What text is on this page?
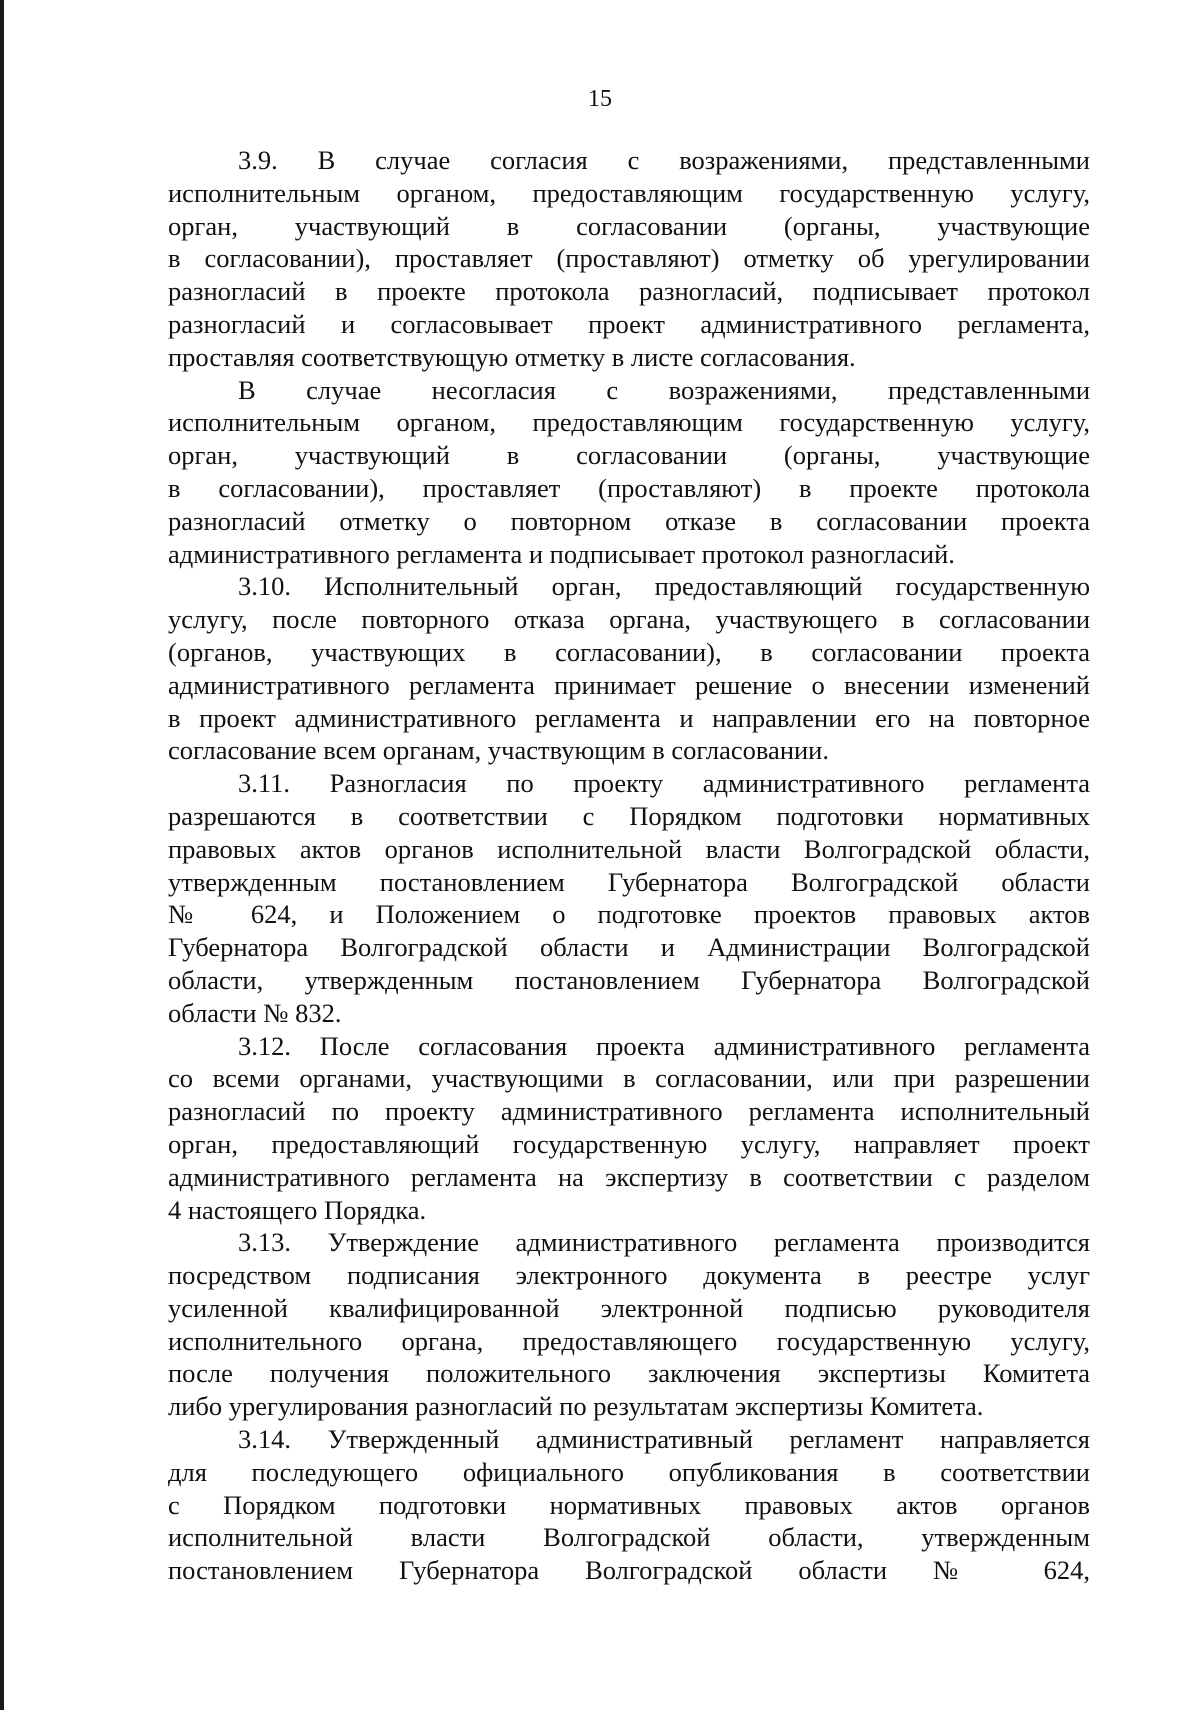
15

3.9. В случае согласия с возражениями, представленными
исполнительным органом, предоставляющим государственную услугу,
орган, участвующий в согласовании (органы, участвующие
в согласовании), проставляет (проставляют) отметку об урегулировании
разногласий в проекте протокола разногласий, подписывает протокол
разногласий и согласовывает проект административного регламента,
проставляя соответствующую отметку в листе согласования.

В случае несогласия с возражениями, представленными
исполнительным органом, предоставляющим государственную услугу,
орган, участвующий в согласовании (органы, участвующие
в согласовании), проставляет (проставляют) в проекте протокола
разногласий отметку о повторном отказе в согласовании проекта
административного регламента и подписывает протокол разногласий.

3.10. Исполнительный орган, предоставляющий государственную
услугу, после повторного отказа органа, участвующего в согласовании
(органов, участвующих в согласовании), в согласовании проекта
административного регламента принимает решение о внесении изменений
в проект административного регламента и направлении его на повторное
согласование всем органам, участвующим в согласовании.

3.11. Разногласия по проекту административного регламента
разрешаются в соответствии с Порядком подготовки нормативных
правовых актов органов исполнительной власти Волгоградской области,
утвержденным постановлением Губернатора Волгоградской области
№ 624, и Положением о подготовке проектов правовых актов
Губернатора Волгоградской области и Администрации Волгоградской
области, утвержденным постановлением Губернатора Волгоградской
области № 832.

3.12. После согласования проекта административного регламента
со всеми органами, участвующими в согласовании, или при разрешении
разногласий по проекту административного регламента исполнительный
орган, предоставляющий государственную услугу, направляет проект
административного регламента на экспертизу в соответствии с разделом
4 настоящего Порядка.

3.13. Утверждение административного регламента производится
посредством подписания электронного документа в реестре услуг
усиленной квалифицированной электронной подписью руководителя
исполнительного органа, предоставляющего государственную услугу,
после получения положительного заключения экспертизы Комитета
либо урегулирования разногласий по результатам экспертизы Комитета.

3.14. Утвержденный административный регламент направляется
для последующего официального опубликования в соответствии
с Порядком подготовки нормативных правовых актов органов
исполнительной власти Волгоградской области, утвержденным
постановлением Губернатора Волгоградской области № 624,
